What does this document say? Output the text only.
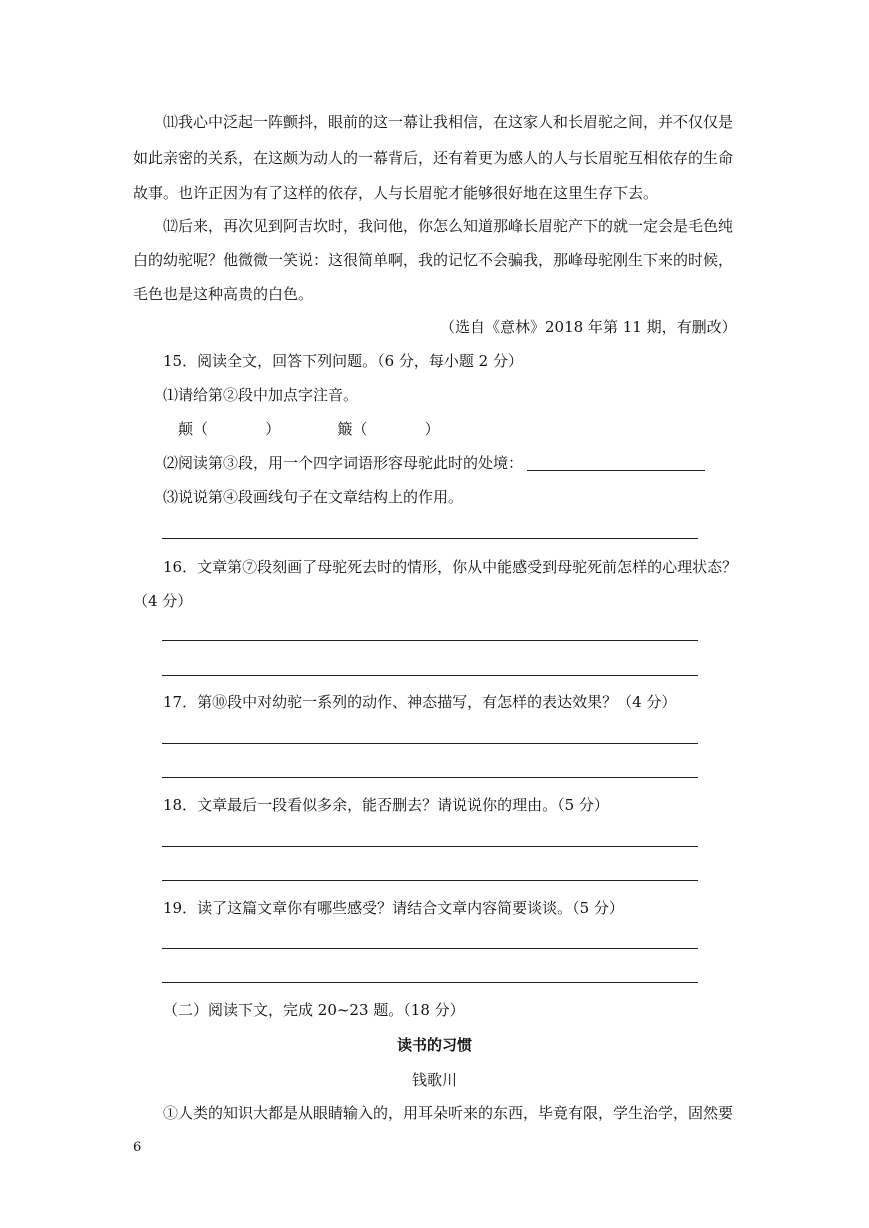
⑾我心中泛起一阵颤抖，眼前的这一幕让我相信，在这家人和长眉驼之间，并不仅仅是
如此亲密的关系，在这颇为动人的一幕背后，还有着更为感人的人与长眉驼互相依存的生命
故事。也许正因为有了这样的依存，人与长眉驼才能够很好地在这里生存下去。
⑿后来，再次见到阿吉坎时，我问他，你怎么知道那峰长眉驼产下的就一定会是毛色纯
白的幼驼呢？他微微一笑说：这很简单啊，我的记忆不会骗我，那峰母驼刚生下来的时候，
毛色也是这种高贵的白色。
（选自《意林》2018 年第 11 期，有删改）
15．阅读全文，回答下列问题。（6 分，每小题 2 分）
⑴请给第②段中加点字注音。
颠（            ）            簸（            ）
⑵阅读第③段，用一个四字词语形容母驼此时的处境：
⑶说说第④段画线句子在文章结构上的作用。
16．文章第⑦段刻画了母驼死去时的情形，你从中能感受到母驼死前怎样的心理状态？
（4 分）
17．第⑩段中对幼驼一系列的动作、神态描写，有怎样的表达效果？（4 分）
18．文章最后一段看似多余，能否删去？请说说你的理由。（5 分）
19．读了这篇文章你有哪些感受？请结合文章内容简要谈谈。（5 分）
（二）阅读下文，完成 20~23 题。（18 分）
读书的习惯
钱歌川
①人类的知识大都是从眼睛输入的，用耳朵听来的东西，毕竟有限，学生治学，固然要
6
